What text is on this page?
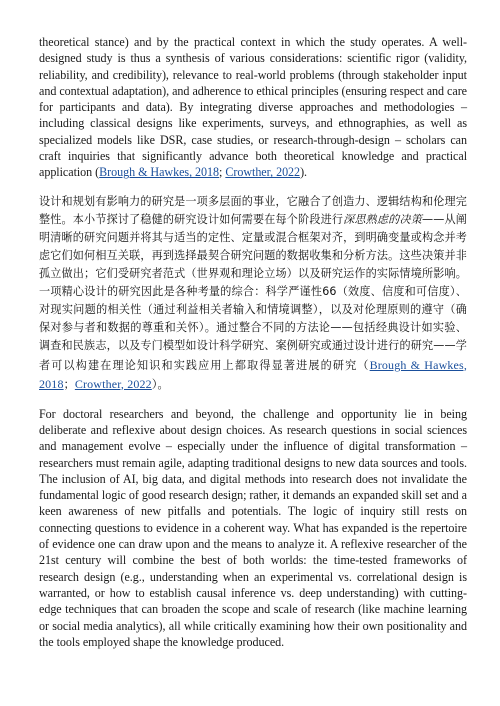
theoretical stance) and by the practical context in which the study operates. A well-designed study is thus a synthesis of various considerations: scientific rigor (validity, reliability, and credibility), relevance to real-world problems (through stakeholder input and contextual adaptation), and adherence to ethical principles (ensuring respect and care for participants and data). By integrating diverse approaches and methodologies – including classical designs like experiments, surveys, and ethnographies, as well as specialized models like DSR, case studies, or research-through-design – scholars can craft inquiries that significantly advance both theoretical knowledge and practical application (Brough & Hawkes, 2018; Crowther, 2022).

设计和规划有影响力的研究是一项多层面的事业，它融合了创造力、逻辑结构和伦理完整性。本小节探讨了稳健的研究设计如何需要在每个阶段进行深思熟虑的决策——从阐明清晰的研究问题并将其与适当的定性、定量或混合框架对齐，到明确变量或构念并考虑它们如何相互关联，再到选择最契合研究问题的数据收集和分析方法。这些决策并非孤立做出；它们受研究者范式（世界观和理论立场）以及研究运作的实际情境所影响。一项精心设计的研究因此是各种考量的综合：科学严谨性66（效度、信度和可信度）、对现实问题的相关性（通过利益相关者输入和情境调整），以及对伦理原则的遵守（确保对参与者和数据的尊重和关怀）。通过整合不同的方法论——包括经典设计如实验、调查和民族志，以及专门模型如设计科学研究、案例研究或通过设计进行的研究——学者可以构建在理论知识和实践应用上都取得显著进展的研究（Brough & Hawkes, 2018；Crowther, 2022）。

For doctoral researchers and beyond, the challenge and opportunity lie in being deliberate and reflexive about design choices. As research questions in social sciences and management evolve – especially under the influence of digital transformation – researchers must remain agile, adapting traditional designs to new data sources and tools. The inclusion of AI, big data, and digital methods into research does not invalidate the fundamental logic of good research design; rather, it demands an expanded skill set and a keen awareness of new pitfalls and potentials. The logic of inquiry still rests on connecting questions to evidence in a coherent way. What has expanded is the repertoire of evidence one can draw upon and the means to analyze it. A reflexive researcher of the 21st century will combine the best of both worlds: the time-tested frameworks of research design (e.g., understanding when an experimental vs. correlational design is warranted, or how to establish causal inference vs. deep understanding) with cutting-edge techniques that can broaden the scope and scale of research (like machine learning or social media analytics), all while critically examining how their own positionality and the tools employed shape the knowledge produced.
